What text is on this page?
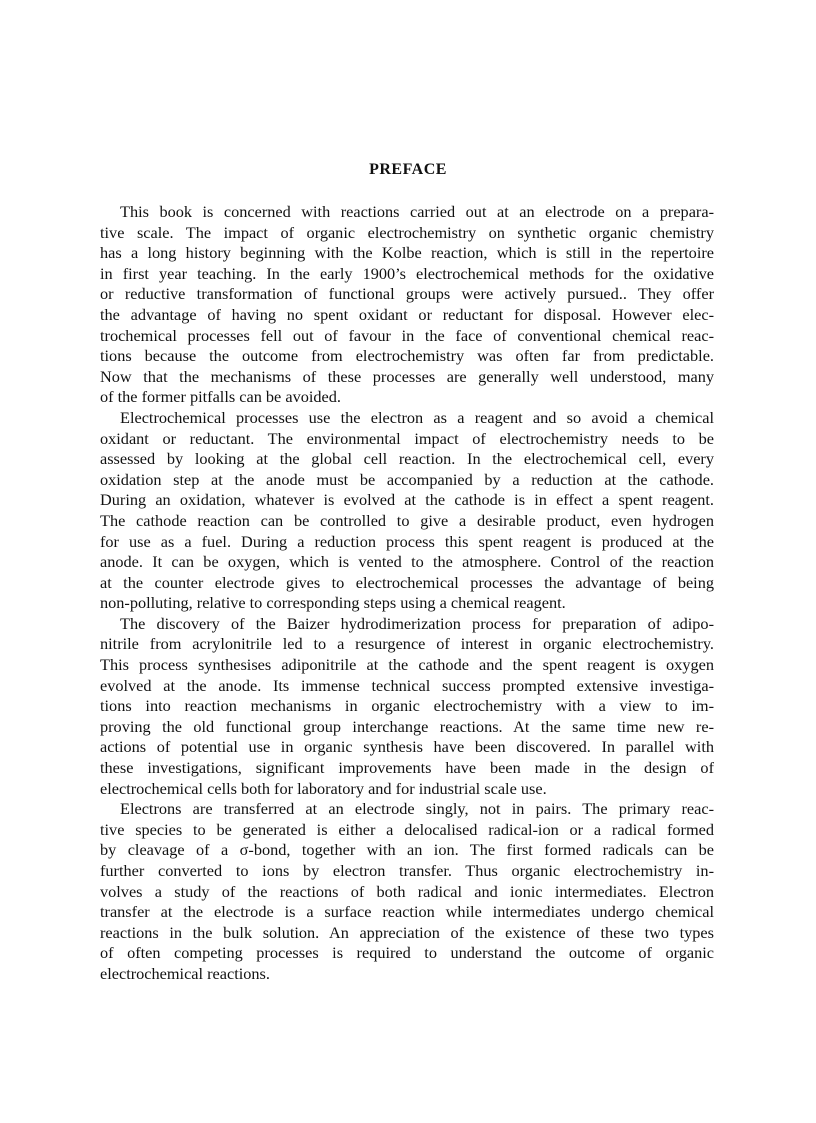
PREFACE
This book is concerned with reactions carried out at an electrode on a prepara-
tive scale. The impact of organic electrochemistry on synthetic organic chemistry
has a long history beginning with the Kolbe reaction, which is still in the repertoire
in first year teaching. In the early 1900’s electrochemical methods for the oxidative
or reductive transformation of functional groups were actively pursued.. They offer
the advantage of having no spent oxidant or reductant for disposal. However elec-
trochemical processes fell out of favour in the face of conventional chemical reac-
tions because the outcome from electrochemistry was often far from predictable.
Now that the mechanisms of these processes are generally well understood, many
of the former pitfalls can be avoided.
Electrochemical processes use the electron as a reagent and so avoid a chemical
oxidant or reductant. The environmental impact of electrochemistry needs to be
assessed by looking at the global cell reaction. In the electrochemical cell, every
oxidation step at the anode must be accompanied by a reduction at the cathode.
During an oxidation, whatever is evolved at the cathode is in effect a spent reagent.
The cathode reaction can be controlled to give a desirable product, even hydrogen
for use as a fuel. During a reduction process this spent reagent is produced at the
anode. It can be oxygen, which is vented to the atmosphere. Control of the reaction
at the counter electrode gives to electrochemical processes the advantage of being
non-polluting, relative to corresponding steps using a chemical reagent.
The discovery of the Baizer hydrodimerization process for preparation of adipo-
nitrile from acrylonitrile led to a resurgence of interest in organic electrochemistry.
This process synthesises adiponitrile at the cathode and the spent reagent is oxygen
evolved at the anode. Its immense technical success prompted extensive investiga-
tions into reaction mechanisms in organic electrochemistry with a view to im-
proving the old functional group interchange reactions. At the same time new re-
actions of potential use in organic synthesis have been discovered. In parallel with
these investigations, significant improvements have been made in the design of
electrochemical cells both for laboratory and for industrial scale use.
Electrons are transferred at an electrode singly, not in pairs. The primary reac-
tive species to be generated is either a delocalised radical-ion or a radical formed
by cleavage of a σ-bond, together with an ion. The first formed radicals can be
further converted to ions by electron transfer. Thus organic electrochemistry in-
volves a study of the reactions of both radical and ionic intermediates. Electron
transfer at the electrode is a surface reaction while intermediates undergo chemical
reactions in the bulk solution. An appreciation of the existence of these two types
of often competing processes is required to understand the outcome of organic
electrochemical reactions.
